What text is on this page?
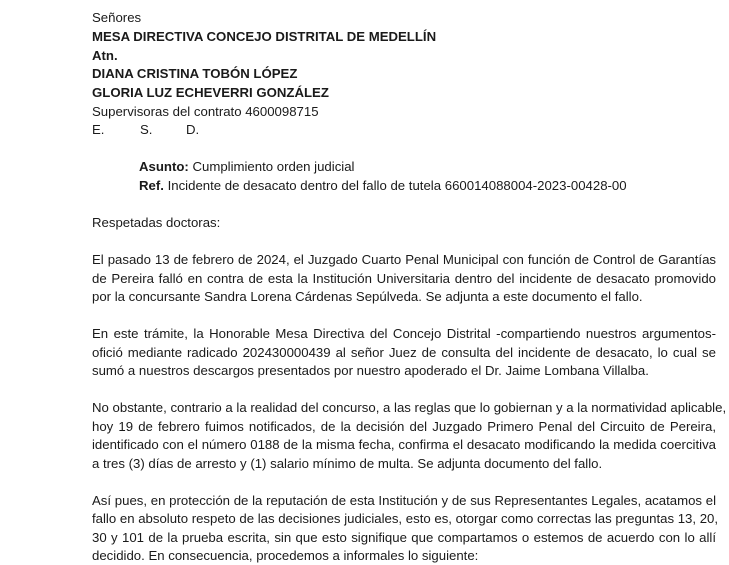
Señores
MESA DIRECTIVA CONCEJO DISTRITAL DE MEDELLÍN
Atn.
DIANA CRISTINA TOBÓN LÓPEZ
GLORIA LUZ ECHEVERRI GONZÁLEZ
Supervisoras del contrato 4600098715
E.	S.	D.
Asunto: Cumplimiento orden judicial
Ref. Incidente de desacato dentro del fallo de tutela 660014088004-2023-00428-00
Respetadas doctoras:
El pasado 13 de febrero de 2024, el Juzgado Cuarto Penal Municipal con función de Control de Garantías
de Pereira falló en contra de esta la Institución Universitaria dentro del incidente de desacato promovido
por la concursante Sandra Lorena Cárdenas Sepúlveda. Se adjunta a este documento el fallo.
En este trámite, la Honorable Mesa Directiva del Concejo Distrital -compartiendo nuestros argumentos-
ofició mediante radicado 202430000439 al señor Juez de consulta del incidente de desacato, lo cual se
sumó a nuestros descargos presentados por nuestro apoderado el Dr. Jaime Lombana Villalba.
No obstante, contrario a la realidad del concurso, a las reglas que lo gobiernan y a la normatividad aplicable,
hoy 19 de febrero fuimos notificados, de la decisión del Juzgado Primero Penal del Circuito de Pereira,
identificado con el número 0188 de la misma fecha, confirma el desacato modificando la medida coercitiva
a tres (3) días de arresto y (1) salario mínimo de multa. Se adjunta documento del fallo.
Así pues, en protección de la reputación de esta Institución y de sus Representantes Legales, acatamos el
fallo en absoluto respeto de las decisiones judiciales, esto es, otorgar como correctas las preguntas 13, 20,
30 y 101 de la prueba escrita, sin que esto signifique que compartamos o estemos de acuerdo con lo allí
decidido. En consecuencia, procedemos a informales lo siguiente:
